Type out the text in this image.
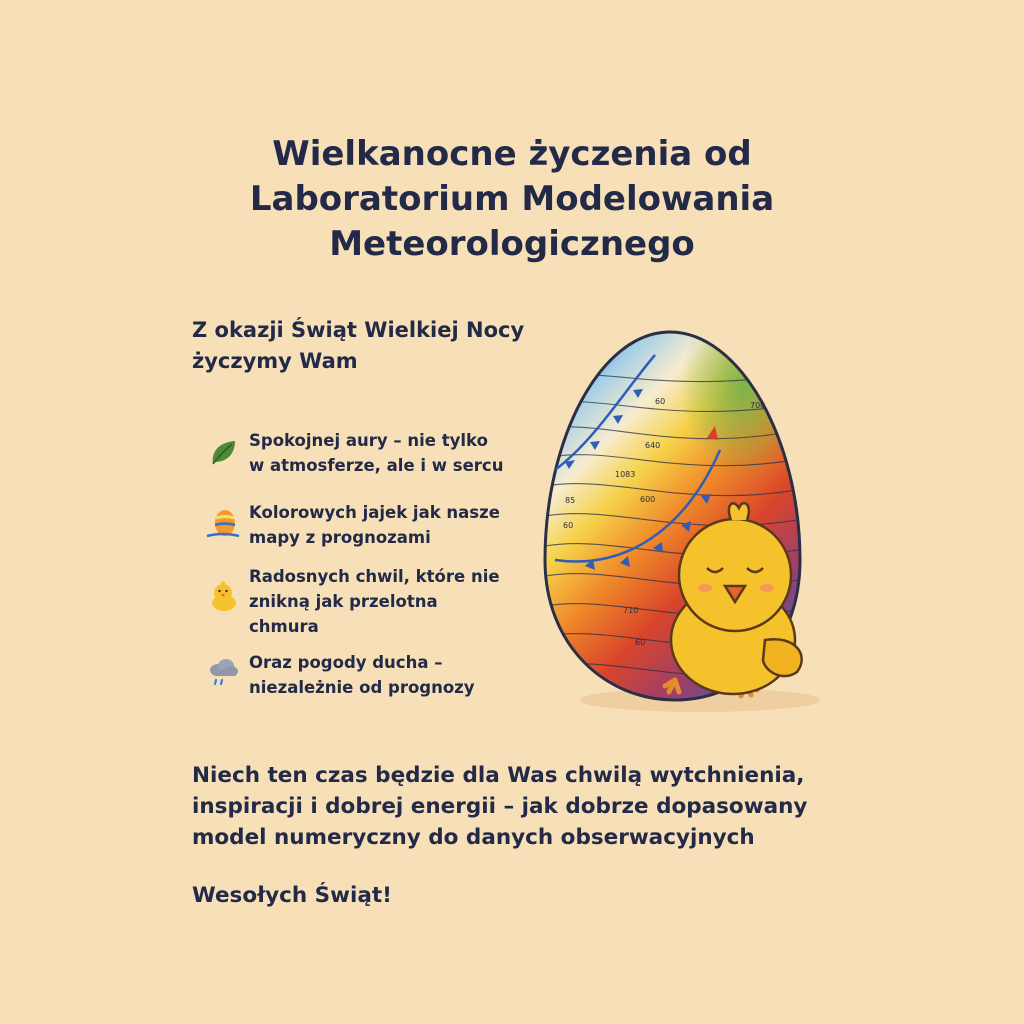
Wielkanocne życzenia od
Laboratorium Modelowania
Meteorologicznego
Z okazji Świąt Wielkiej Nocy
życzymy Wam
Spokojnej aury – nie tylko
w atmosferze, ale i w sercu
Kolorowych jajek jak nasze
mapy z prognozami
Radosnych chwil, które nie
znikną jak przelotna
chmura
Oraz pogody ducha –
niezależnie od prognozy
60
640
700
1083
600
85
60
710
60
Niech ten czas będzie dla Was chwilą wytchnienia,
inspiracji i dobrej energii – jak dobrze dopasowany
model numeryczny do danych obserwacyjnych
Wesołych Świąt!
